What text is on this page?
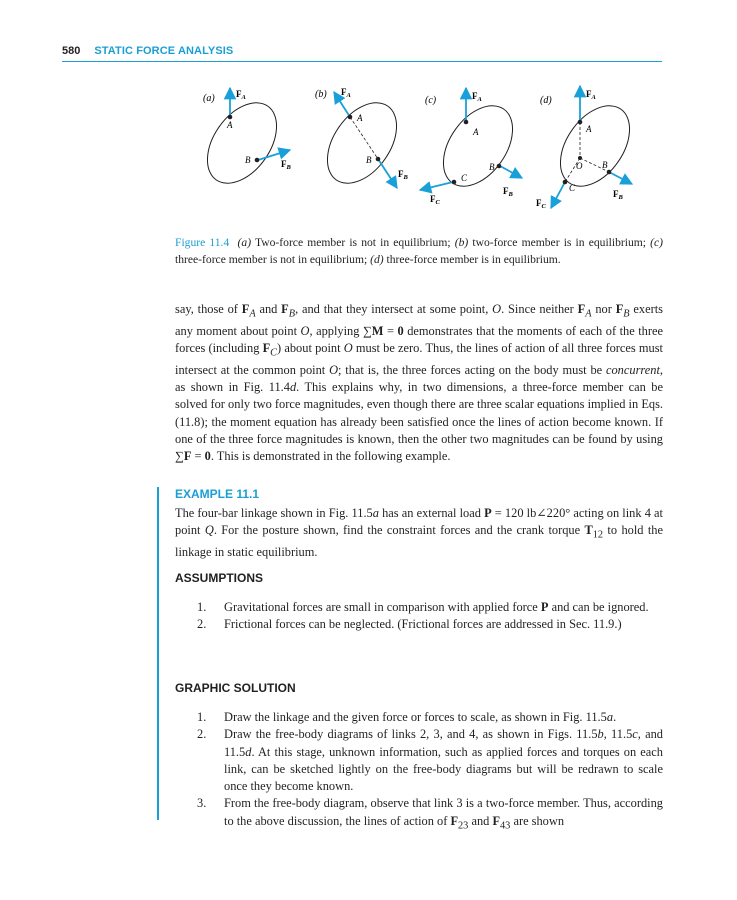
580 STATIC FORCE ANALYSIS
(a)
A
$F_A$
B	$F_B$
(b)
A
$F_A$
B
$F_B$
(c)
A
$F_A$
B
$F_B$
C
$F_C$
(d)
A
$F_A$
O B
$F_B$
C
$F_C$
Figure 11.4 (a) Two-force member is not in equilibrium; (b) two-force member is in equilibrium; (c) three-force member is not in equilibrium; (d) three-force member is in equilibrium.
say, those of $F_A$ and $F_B$, and that they intersect at some point, O. Since neither $F_A$ nor $F_B$ exerts any moment about point O, applying ∑M = 0 demonstrates that the moments of each of the three forces (including $F_C$) about point O must be zero. Thus, the lines of action of all three forces must intersect at the common point O; that is, the three forces acting on the body must be concurrent, as shown in Fig. 11.4d. This explains why, in two dimensions, a three-force member can be solved for only two force magnitudes, even though there are three scalar equations implied in Eqs. (11.8); the moment equation has already been satisfied once the lines of action become known. If one of the three force magnitudes is known, then the other two magnitudes can be found by using ∑F = 0. This is demonstrated in the following example.
EXAMPLE 11.1
The four-bar linkage shown in Fig. 11.5a has an external load P = 120 lb∠220° acting on link 4 at point Q. For the posture shown, find the constraint forces and the crank torque $T_{12}$ to hold the linkage in static equilibrium.
ASSUMPTIONS
1. Gravitational forces are small in comparison with applied force P and can be ignored.
2. Frictional forces can be neglected. (Frictional forces are addressed in Sec. 11.9.)
GRAPHIC SOLUTION
1. Draw the linkage and the given force or forces to scale, as shown in Fig. 11.5a.
2. Draw the free-body diagrams of links 2, 3, and 4, as shown in Figs. 11.5b, 11.5c, and 11.5d. At this stage, unknown information, such as applied forces and torques on each link, can be sketched lightly on the free-body diagrams but will be redrawn to scale once they become known.
3. From the free-body diagram, observe that link 3 is a two-force member. Thus, according to the above discussion, the lines of action of $F_{23}$ and $F_{43}$ are shown
